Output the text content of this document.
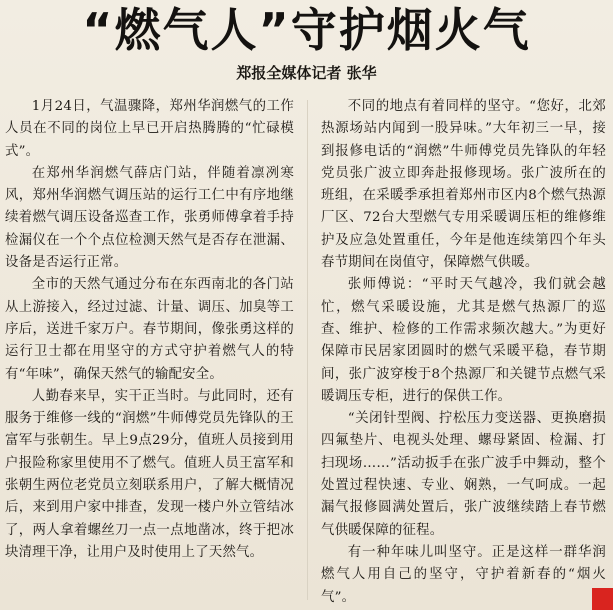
“燃气人”守护烟火气
郑报全媒体记者 张华

1月24日，气温骤降，郑州华润燃气的工作人员在不同的岗位上早已开启热腾腾的“忙碌模式”。

在郑州华润燃气薛店门站，伴随着凛冽寒风，郑州华润燃气调压站的运行工仁中有序地继续着燃气调压设备巡查工作，张勇师傅拿着手持检漏仪在一个个点位检测天然气是否存在泄漏、设备是否运行正常。

全市的天然气通过分布在东西南北的各门站从上游接入，经过过滤、计量、调压、加臭等工序后，送进千家万户。春节期间，像张勇这样的运行卫士都在用坚守的方式守护着燃气人的特有“年味”，确保天然气的输配安全。

人勤春来早，实干正当时。与此同时，还有服务于维修一线的“润燃”牛师傅党员先锋队的王富军与张朝生。早上9点29分，值班人员接到用户报险称家里使用不了燃气。值班人员王富军和张朝生两位老党员立刻联系用户，了解大概情况后，来到用户家中排查，发现一楼户外立管结冰了，两人拿着螺丝刀一点一点地凿冰，终于把冰块清理干净，让用户及时使用上了天然气。

不同的地点有着同样的坚守。“您好，北郊热源场站内闻到一股异味。”大年初三一早，接到报修电话的“润燃”牛师傅党员先锋队的年轻党员张广波立即奔赴报修现场。张广波所在的班组，在采暖季承担着郑州市区内8个燃气热源厂区、72台大型燃气专用采暖调压柜的维修维护及应急处置重任，今年是他连续第四个年头春节期间在岗值守，保障燃气供暖。

张师傅说：“平时天气越冷，我们就会越忙，燃气采暖设施，尤其是燃气热源厂的巡查、维护、检修的工作需求频次越大。”为更好保障市民居家团圆时的燃气采暖平稳，春节期间，张广波穿梭于8个热源厂和关键节点燃气采暖调压专柜，进行的保供工作。

“关闭针型阀、拧松压力变送器、更换磨损四氟垫片、电视头处理、螺母紧固、检漏、打扫现场……”活动扳手在张广波手中舞动，整个处置过程快速、专业、娴熟，一气呵成。一起漏气报修圆满处置后，张广波继续踏上春节燃气供暖保障的征程。

有一种年味儿叫坚守。正是这样一群华润燃气人用自己的坚守，守护着新春的“烟火气”。
